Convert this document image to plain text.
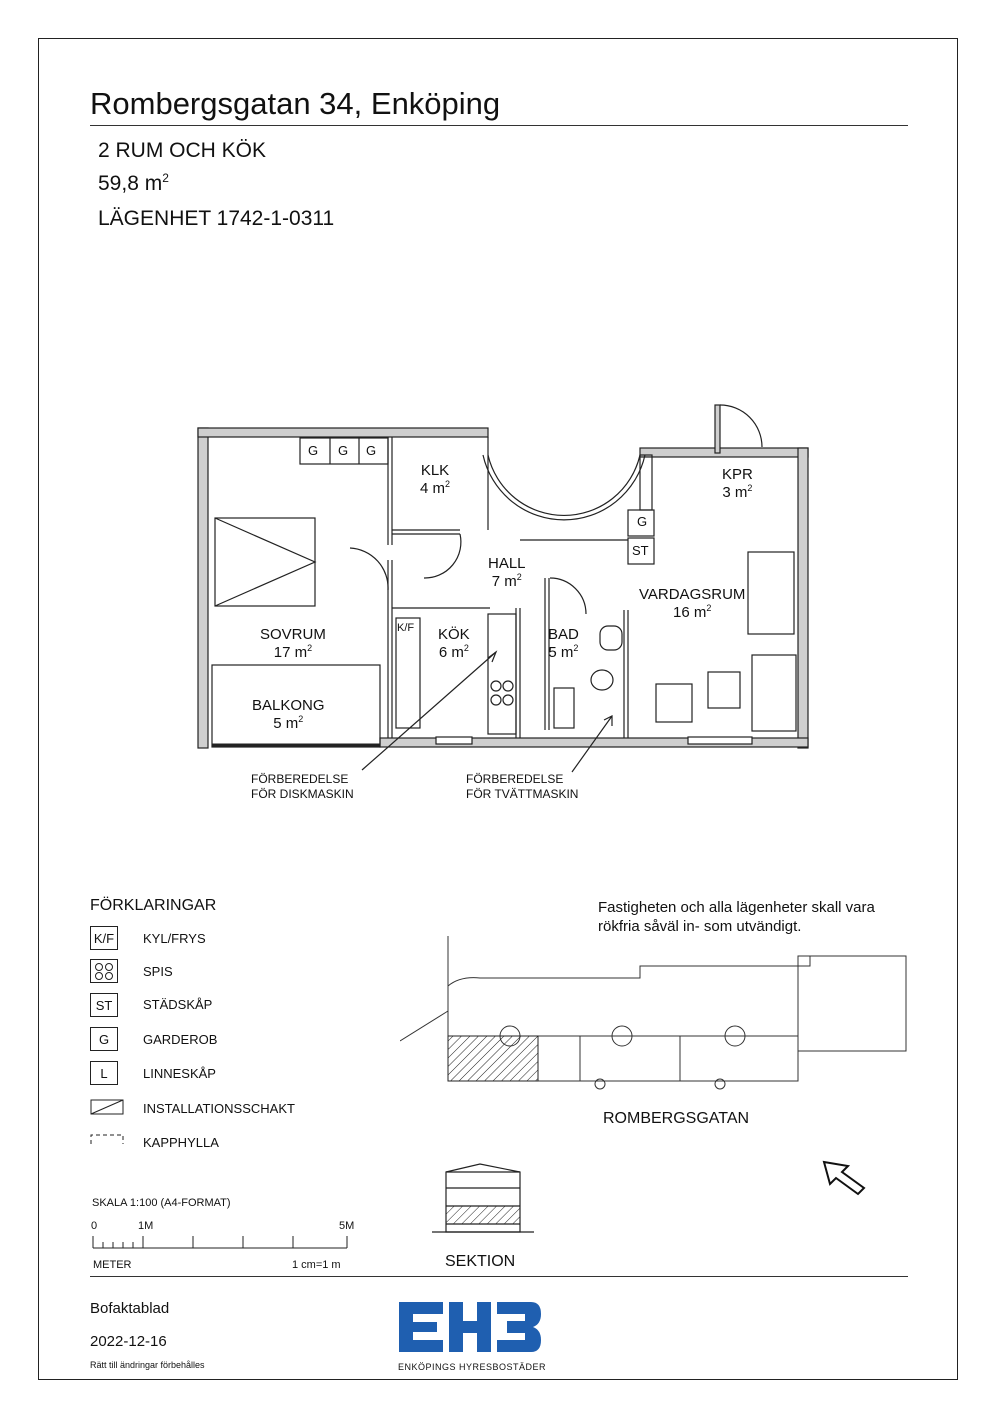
Rombergsgatan 34, Enköping
2 RUM OCH KÖK
59,8 $m^2$
LÄGENHET 1742-1-0311
G G G
G
ST
K/F
KLK
4 $m^2$
KPR
3 $m^2$
HALL
7 $m^2$
VARDAGSRUM
16 $m^2$
SOVRUM
17 $m^2$
KÖK
6 $m^2$
BAD
5 $m^2$
BALKONG
5 $m^2$
FÖRBEREDELSE
FÖR DISKMASKIN
FÖRBEREDELSE
FÖR TVÄTTMASKIN
FÖRKLARINGAR
K/F KYL/FRYS
SPIS
ST	STÄDSKÅP
G	GARDEROB
L	LINNESKÅP
INSTALLATIONSSCHAKT
KAPPHYLLA
Fastigheten och alla lägenheter skall vara
rökfria såväl in- som utvändigt.
ROMBERGSGATAN
SEKTION
SKALA 1:100 (A4-FORMAT)
0	1M	5M
METER	1 cm=1 m
Bofaktablad
2022-12-16
Rätt till ändringar förbehålles	ENKÖPINGS HYRESBOSTÄDER
